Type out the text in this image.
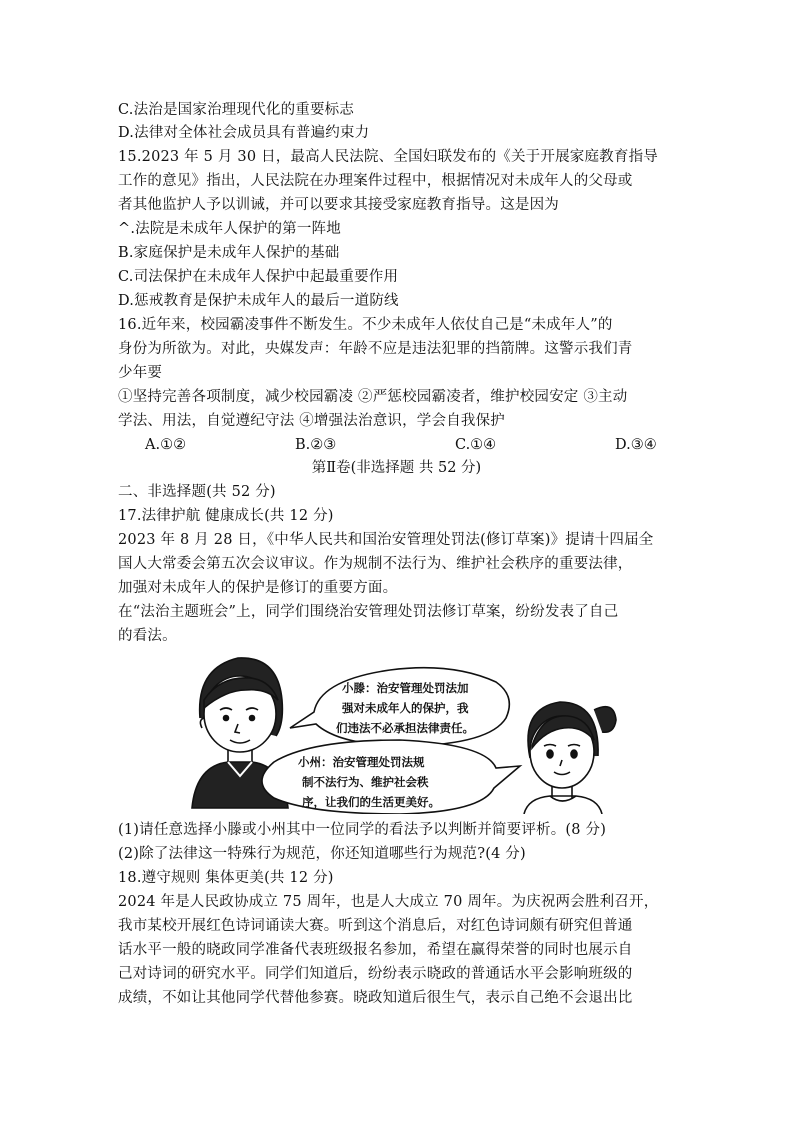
C.法治是国家治理现代化的重要标志
D.法律对全体社会成员具有普遍约束力
15.2023 年 5 月 30 日，最高人民法院、全国妇联发布的《关于开展家庭教育指导
工作的意见》指出，人民法院在办理案件过程中，根据情况对未成年人的父母或
者其他监护人予以训诫，并可以要求其接受家庭教育指导。这是因为
^.法院是未成年人保护的第一阵地
B.家庭保护是未成年人保护的基础
C.司法保护在未成年人保护中起最重要作用
D.惩戒教育是保护未成年人的最后一道防线
16.近年来，校园霸凌事件不断发生。不少未成年人依仗自己是“未成年人”的
身份为所欲为。对此，央媒发声：年龄不应是违法犯罪的挡箭牌。这警示我们青
少年要
①坚持完善各项制度，减少校园霸凌 ②严惩校园霸凌者，维护校园安定 ③主动
学法、用法，自觉遵纪守法 ④增强法治意识，学会自我保护
A.①②	B.②③	C.①④	D.③④
第Ⅱ卷(非选择题 共 52 分)
二、非选择题(共 52 分)
17.法律护航 健康成长(共 12 分)
2023 年 8 月 28 日，《中华人民共和国治安管理处罚法(修订草案)》提请十四届全
国人大常委会第五次会议审议。作为规制不法行为、维护社会秩序的重要法律，
加强对未成年人的保护是修订的重要方面。
在“法治主题班会”上，同学们围绕治安管理处罚法修订草案，纷纷发表了自己
的看法。
小滕：治安管理处罚法加
强对未成年人的保护，我
们违法不必承担法律责任。
小州：治安管理处罚法规
制不法行为、维护社会秩
序，让我们的生活更美好。
(1)请任意选择小滕或小州其中一位同学的看法予以判断并简要评析。(8 分)
(2)除了法律这一特殊行为规范，你还知道哪些行为规范?(4 分)
18.遵守规则 集体更美(共 12 分)
2024 年是人民政协成立 75 周年，也是人大成立 70 周年。为庆祝两会胜利召开，
我市某校开展红色诗词诵读大赛。听到这个消息后，对红色诗词颇有研究但普通
话水平一般的晓政同学准备代表班级报名参加，希望在赢得荣誉的同时也展示自
己对诗词的研究水平。同学们知道后，纷纷表示晓政的普通话水平会影响班级的
成绩，不如让其他同学代替他参赛。晓政知道后很生气，表示自己绝不会退出比
